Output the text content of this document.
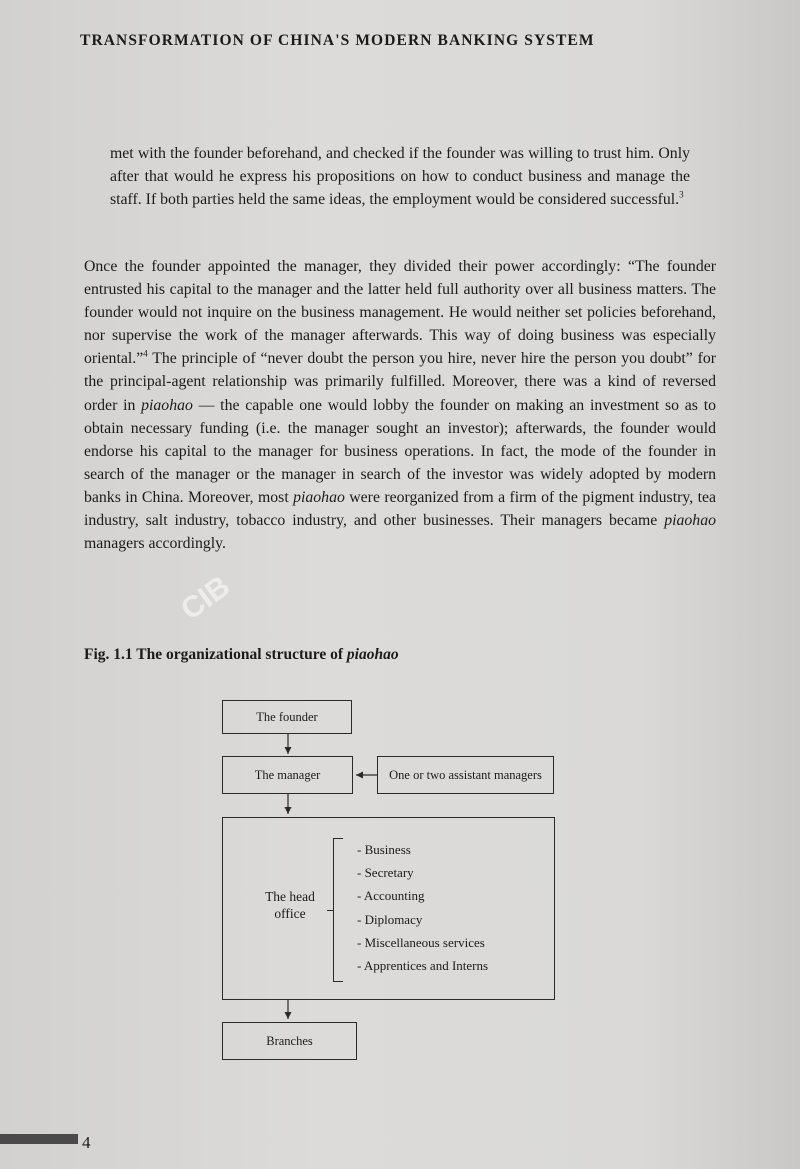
TRANSFORMATION OF CHINA'S MODERN BANKING SYSTEM

met with the founder beforehand, and checked if the founder was willing to trust him. Only after that would he express his propositions on how to conduct business and manage the staff. If both parties held the same ideas, the employment would be considered successful.$^3$

Once the founder appointed the manager, they divided their power accordingly: “The founder entrusted his capital to the manager and the latter held full authority over all business matters. The founder would not inquire on the business management. He would neither set policies beforehand, nor supervise the work of the manager afterwards. This way of doing business was especially oriental.”$^4$ The principle of “never doubt the person you hire, never hire the person you doubt” for the principal-agent relationship was primarily fulfilled. Moreover, there was a kind of reversed order in piaohao — the capable one would lobby the founder on making an investment so as to obtain necessary funding (i.e. the manager sought an investor); afterwards, the founder would endorse his capital to the manager for business operations. In fact, the mode of the founder in search of the manager or the manager in search of the investor was widely adopted by modern banks in China. Moreover, most piaohao were reorganized from a firm of the pigment industry, tea industry, salt industry, tobacco industry, and other businesses. Their managers became piaohao managers accordingly.

Fig. 1.1 The organizational structure of piaohao
CIB
The founder
The manager	One or two assistant managers
The head office
- Business
- Secretary
- Accounting
- Diplomacy
- Miscellaneous services
- Apprentices and Interns
Branches
4
